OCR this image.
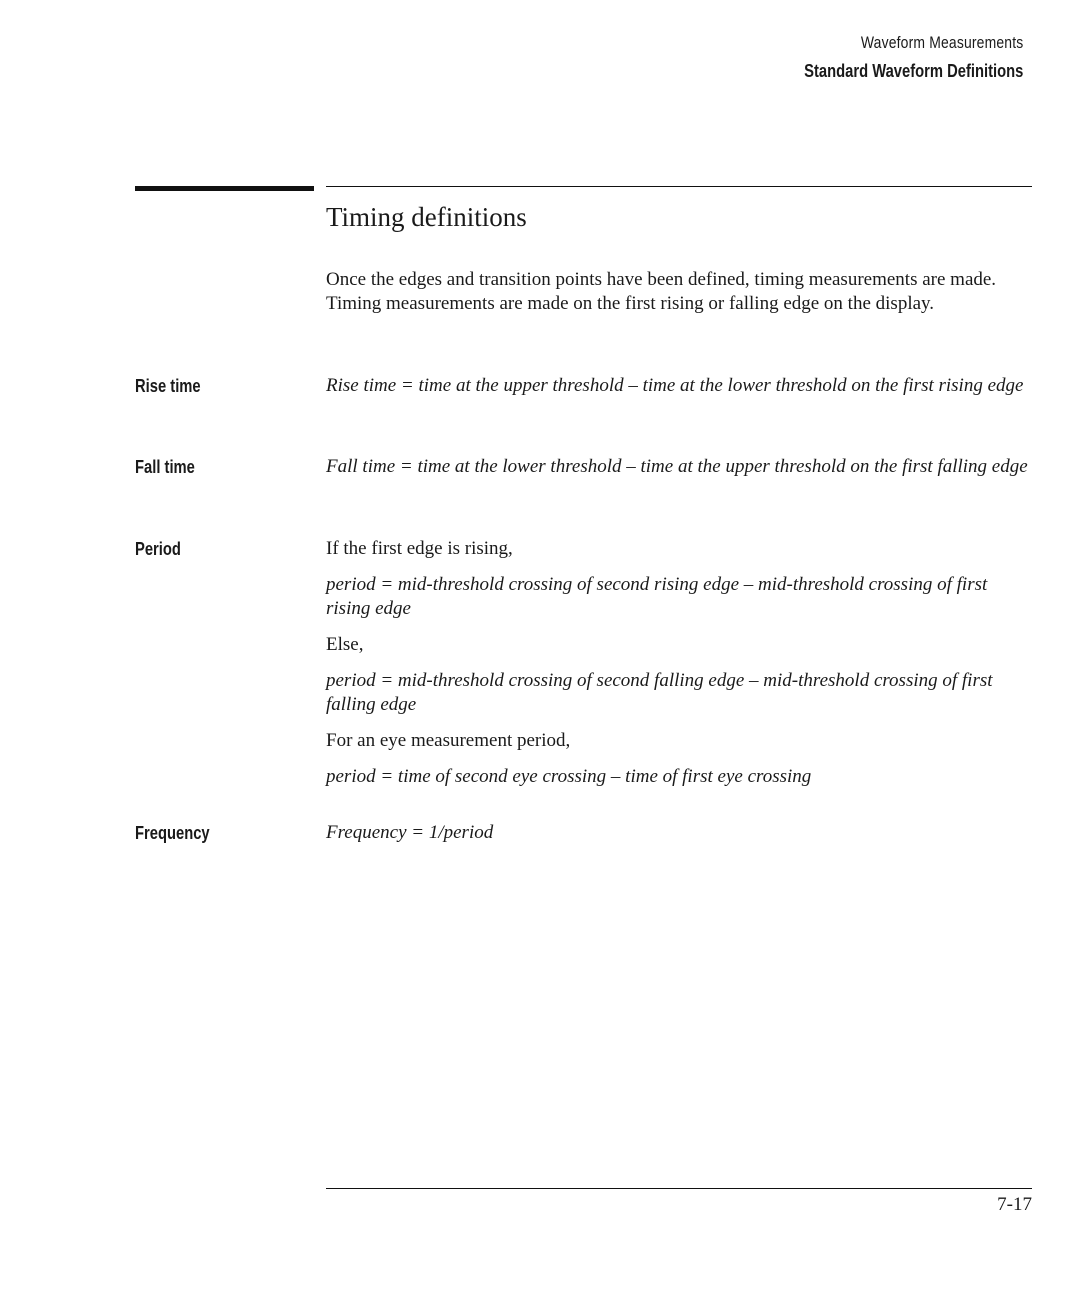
Waveform Measurements
Standard Waveform Definitions
Timing definitions

Once the edges and transition points have been defined, timing measurements are made. Timing measurements are made on the first rising or falling edge on the display.

Rise time	Rise time = time at the upper threshold – time at the lower threshold on the first rising edge

Fall time	Fall time = time at the lower threshold – time at the upper threshold on the first falling edge

Period	If the first edge is rising,

period = mid-threshold crossing of second rising edge – mid-threshold crossing of first rising edge

Else,

period = mid-threshold crossing of second falling edge – mid-threshold crossing of first falling edge

For an eye measurement period,

period = time of second eye crossing – time of first eye crossing

Frequency	Frequency = 1/period

7-17
